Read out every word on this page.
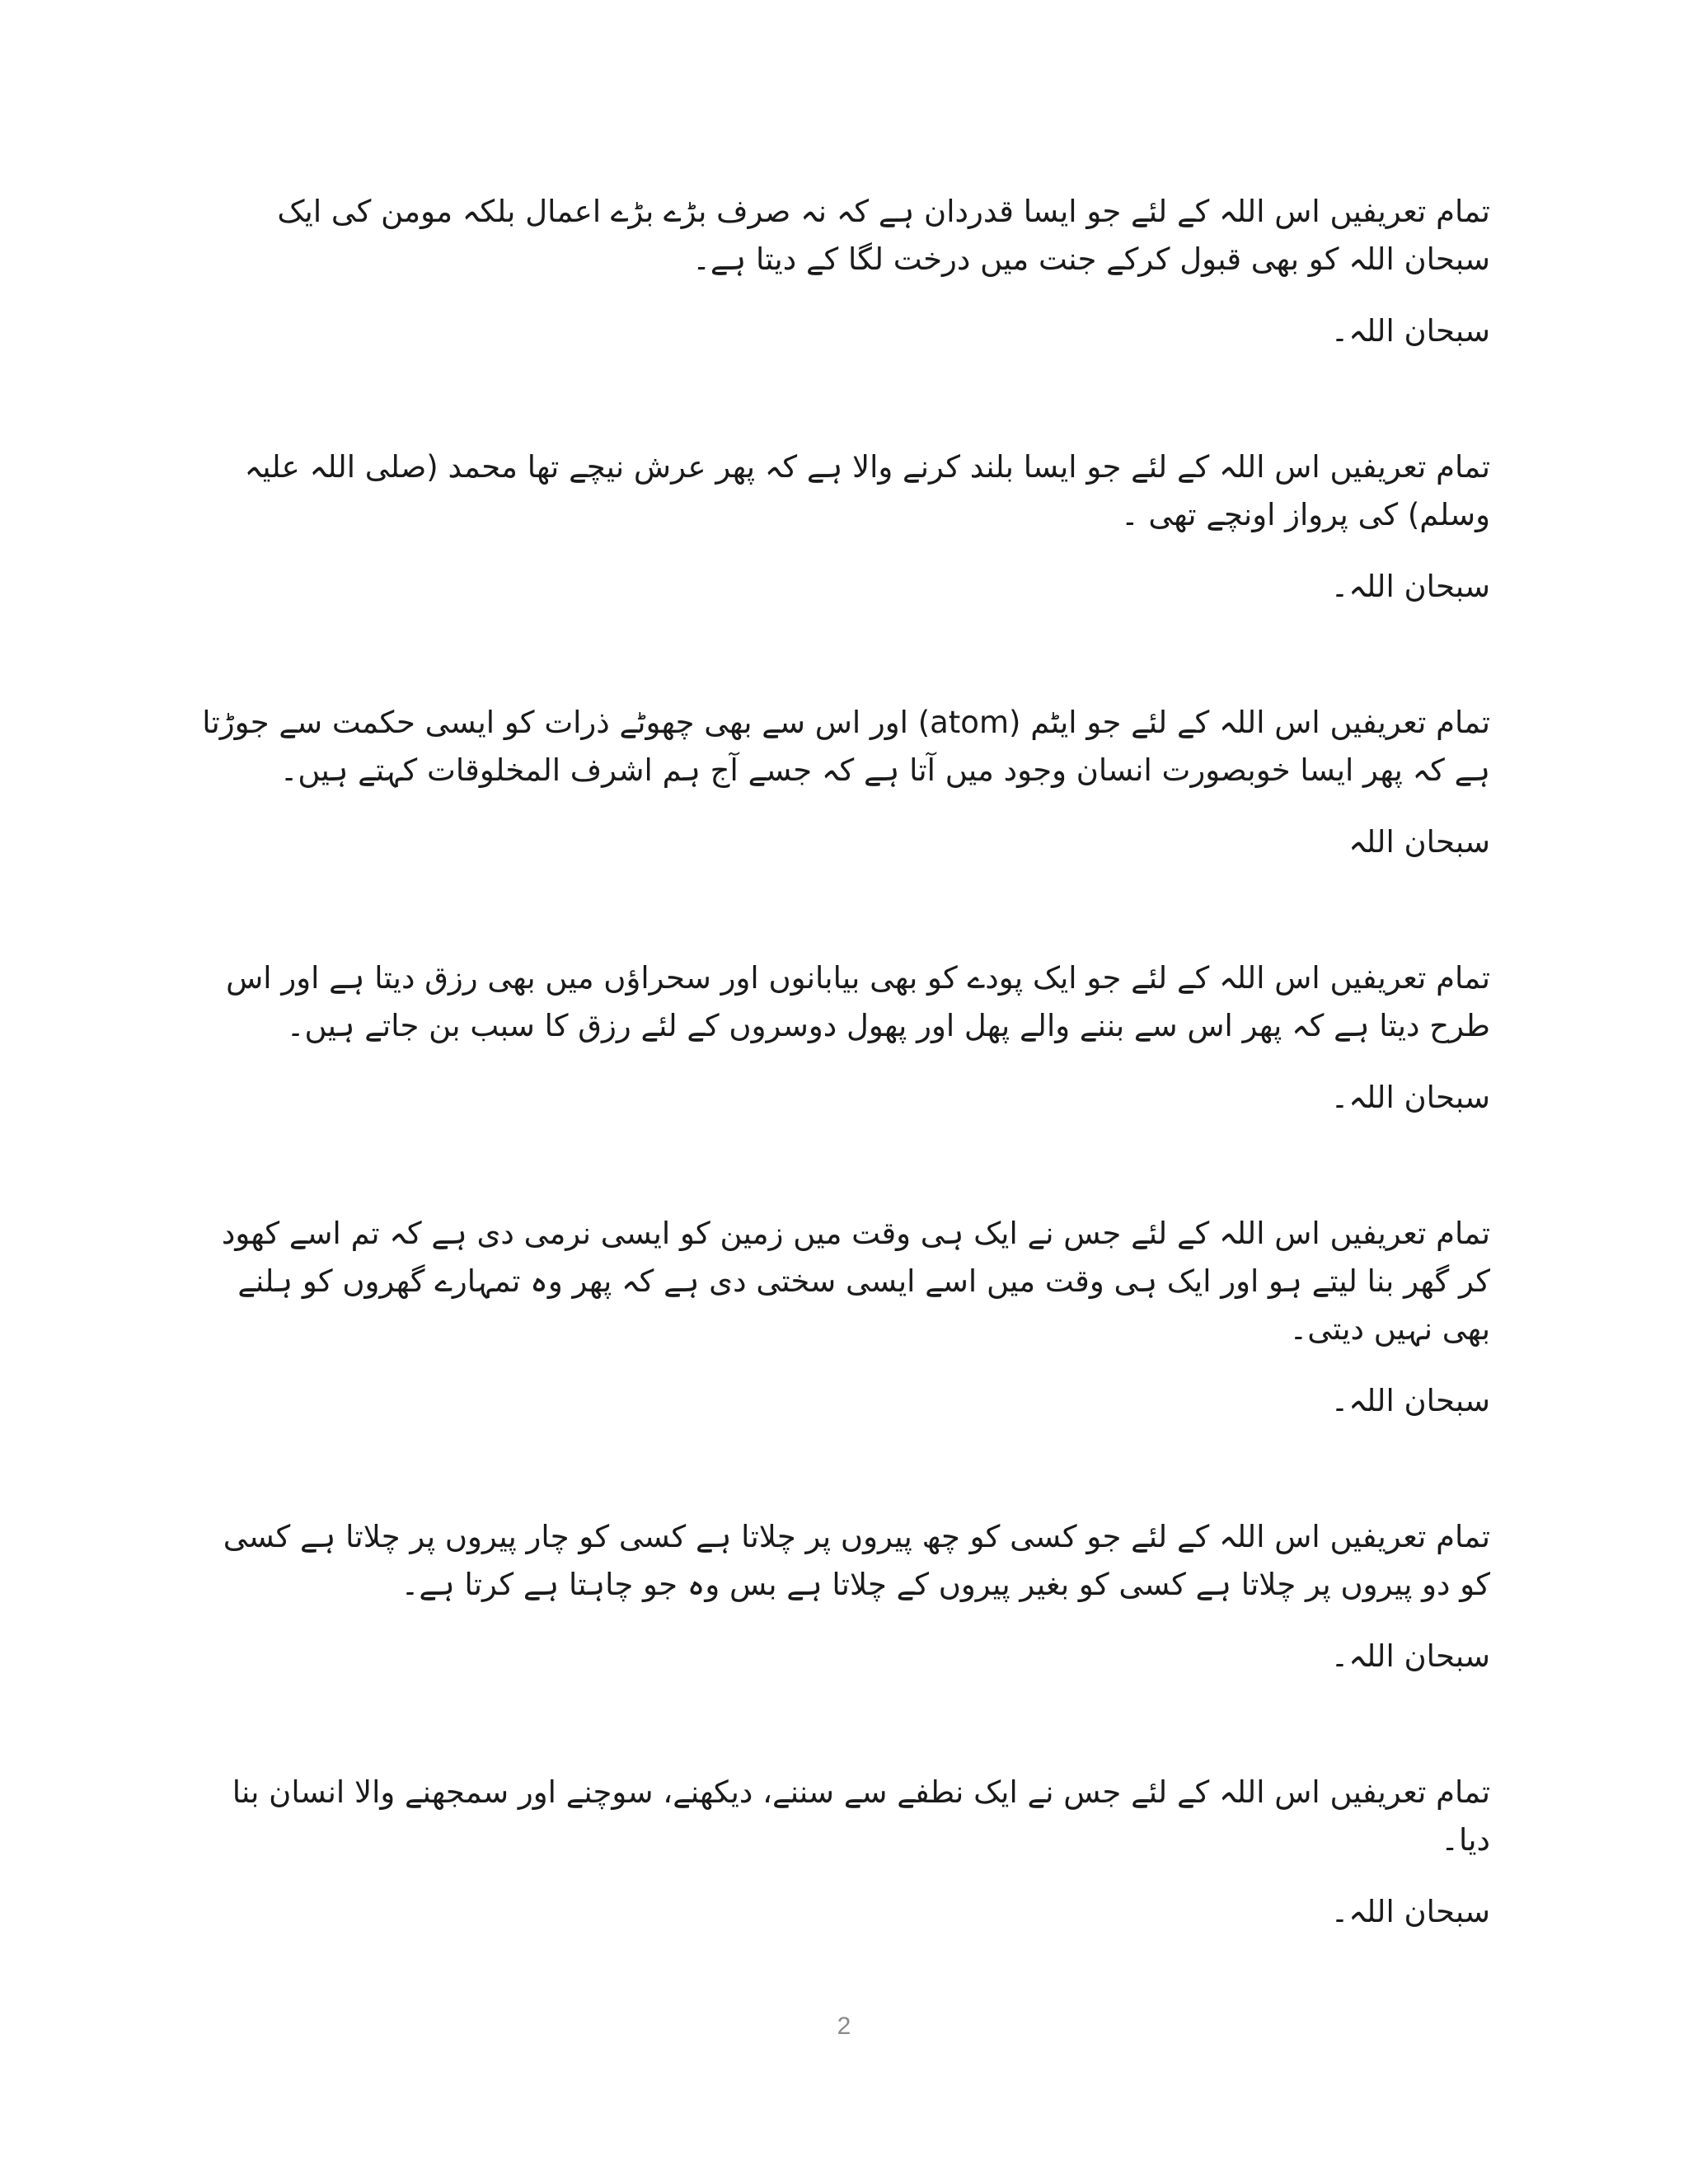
تمام تعریفیں اس اللہ کے لئے جو ایسا قدردان ہے کہ نہ صرف بڑے بڑے اعمال بلکہ مومن کی ایک سبحان اللہ کو بھی قبول کرکے جنت میں درخت لگا کے دیتا ہے۔

سبحان اللہ۔

تمام تعریفیں اس اللہ کے لئے جو ایسا بلند کرنے والا ہے کہ پھر عرش نیچے تھا محمد (صلی اللہ علیہ وسلم) کی پرواز اونچے تھی ۔

سبحان اللہ۔

تمام تعریفیں اس اللہ کے لئے جو ایٹم (atom) اور اس سے بھی چھوٹے ذرات کو ایسی حکمت سے جوڑتا ہے کہ پھر ایسا خوبصورت انسان وجود میں آتا ہے کہ جسے آج ہم اشرف المخلوقات کہتے ہیں۔

سبحان اللہ

تمام تعریفیں اس اللہ کے لئے جو ایک پودے کو بھی بیابانوں اور سحراؤں میں بھی رزق دیتا ہے اور اس طرح دیتا ہے کہ پھر اس سے بننے والے پھل اور پھول دوسروں کے لئے رزق کا سبب بن جاتے ہیں۔

سبحان اللہ۔

تمام تعریفیں اس اللہ کے لئے جس نے ایک ہی وقت میں زمین کو ایسی نرمی دی ہے کہ تم اسے کھود کر گھر بنا لیتے ہو اور ایک ہی وقت میں اسے ایسی سختی دی ہے کہ پھر وہ تمہارے گھروں کو ہلنے بھی نہیں دیتی۔

سبحان اللہ۔

تمام تعریفیں اس اللہ کے لئے جو کسی کو چھ پیروں پر چلاتا ہے کسی کو چار پیروں پر چلاتا ہے کسی کو دو پیروں پر چلاتا ہے کسی کو بغیر پیروں کے چلاتا ہے بس وہ جو چاہتا ہے کرتا ہے۔

سبحان اللہ۔

تمام تعریفیں اس اللہ کے لئے جس نے ایک نطفے سے سننے، دیکھنے، سوچنے اور سمجھنے والا انسان بنا دیا۔

سبحان اللہ۔

2
